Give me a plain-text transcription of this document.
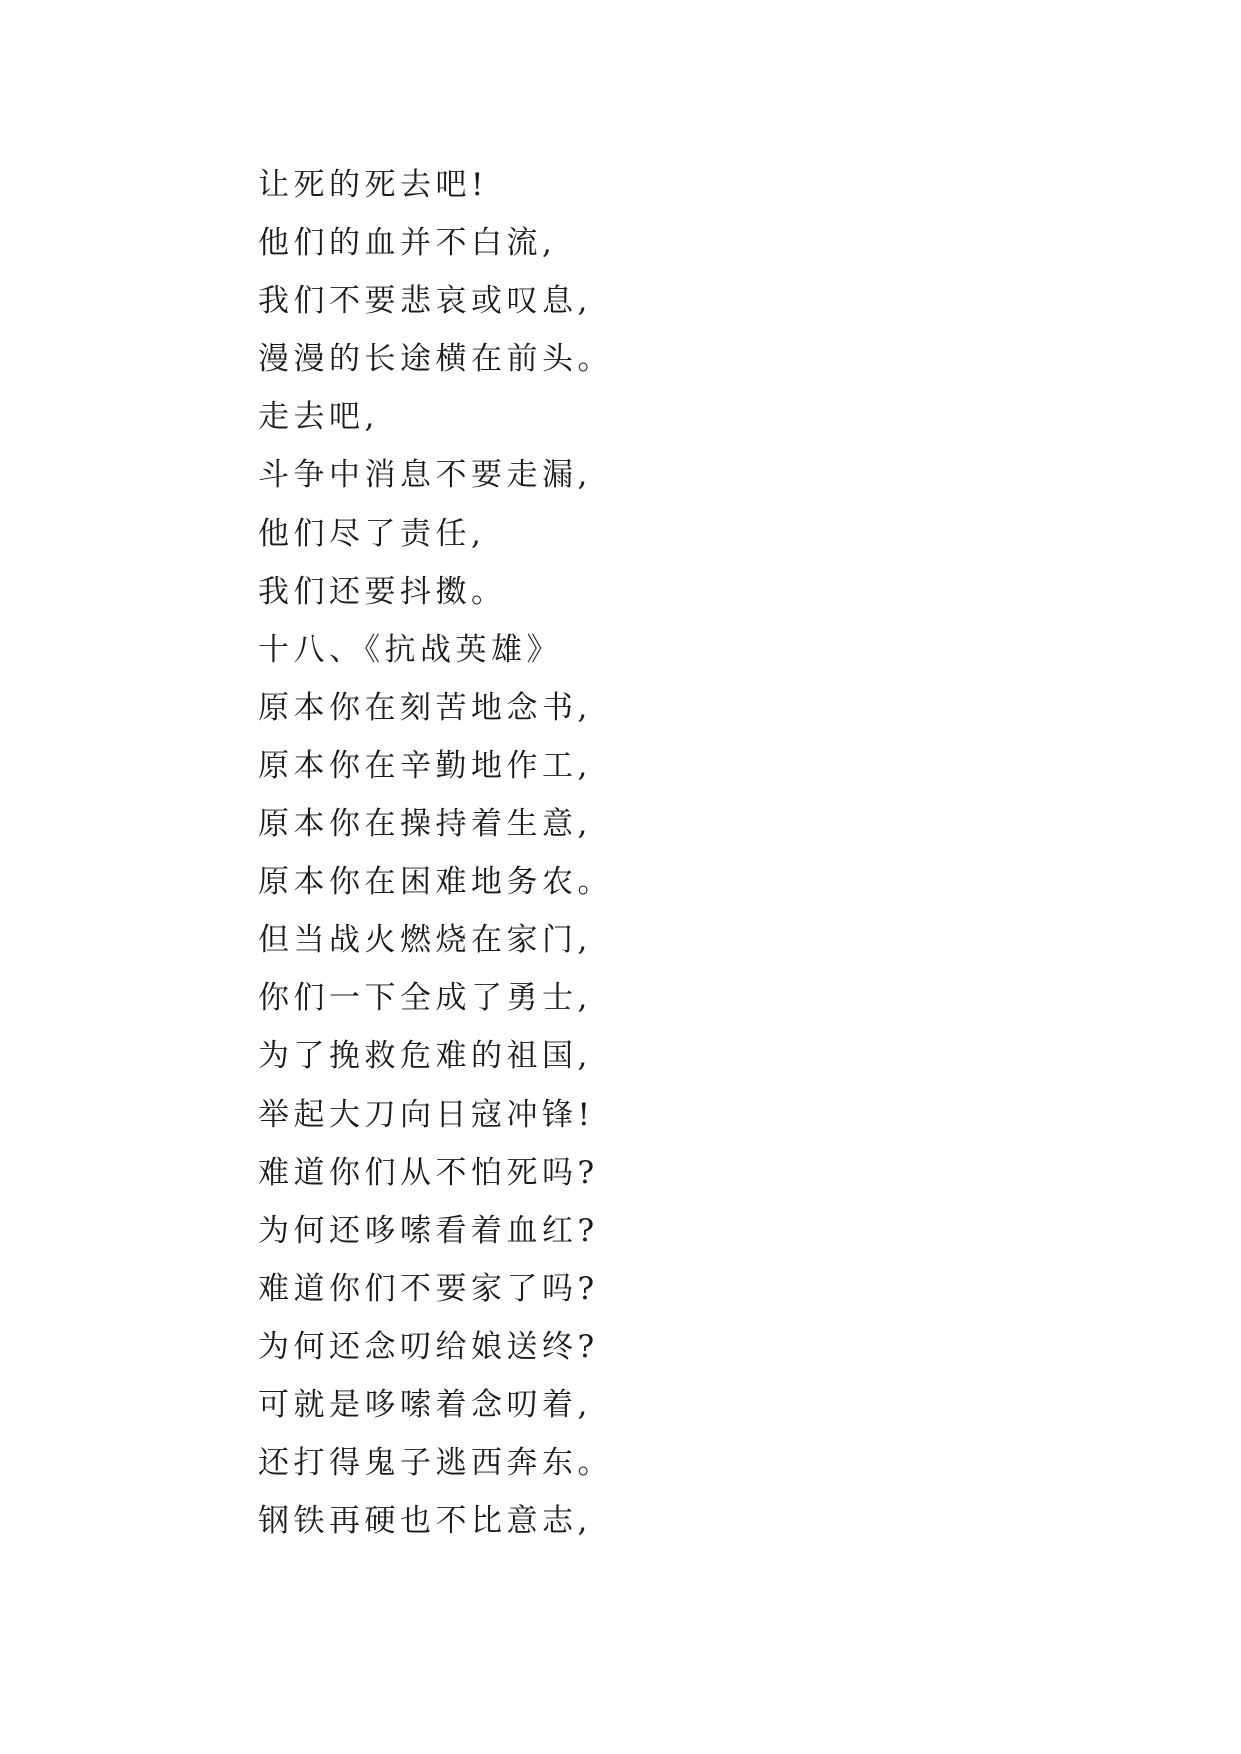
让死的死去吧!
他们的血并不白流,
我们不要悲哀或叹息,
漫漫的长途横在前头。
走去吧,
斗争中消息不要走漏,
他们尽了责任,
我们还要抖擞。
十八、《抗战英雄》
原本你在刻苦地念书,
原本你在辛勤地作工,
原本你在操持着生意,
原本你在困难地务农。
但当战火燃烧在家门,
你们一下全成了勇士,
为了挽救危难的祖国,
举起大刀向日寇冲锋!
难道你们从不怕死吗?
为何还哆嗦看着血红?
难道你们不要家了吗?
为何还念叨给娘送终?
可就是哆嗦着念叨着,
还打得鬼子逃西奔东。
钢铁再硬也不比意志,
